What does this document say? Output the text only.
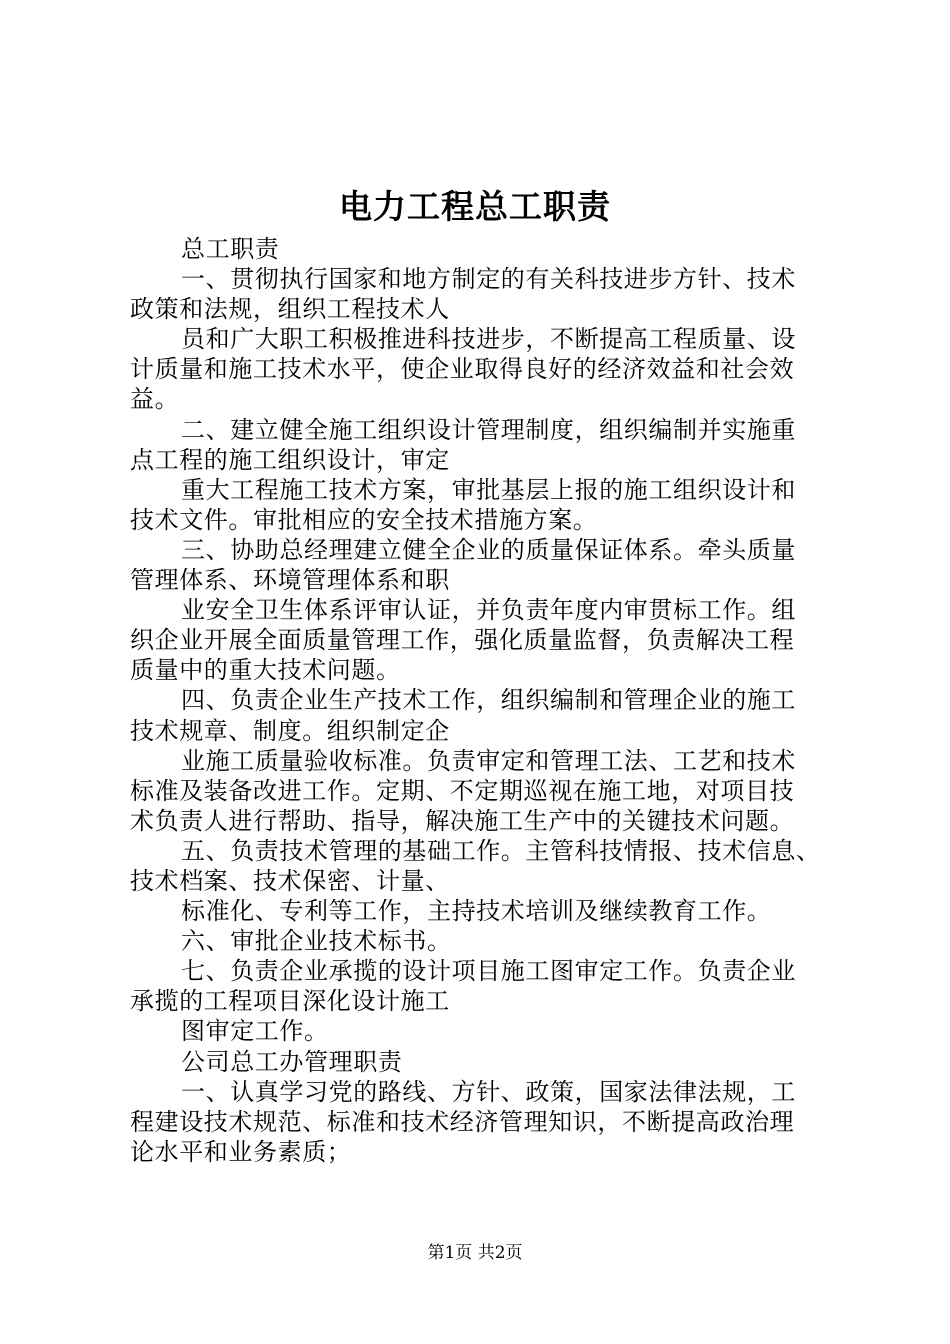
电力工程总工职责
总工职责
一、贯彻执行国家和地方制定的有关科技进步方针、技术
政策和法规，组织工程技术人
员和广大职工积极推进科技进步，不断提高工程质量、设
计质量和施工技术水平，使企业取得良好的经济效益和社会效
益。
二、建立健全施工组织设计管理制度，组织编制并实施重
点工程的施工组织设计，审定
重大工程施工技术方案，审批基层上报的施工组织设计和
技术文件。审批相应的安全技术措施方案。
三、协助总经理建立健全企业的质量保证体系。牵头质量
管理体系、环境管理体系和职
业安全卫生体系评审认证，并负责年度内审贯标工作。组
织企业开展全面质量管理工作，强化质量监督，负责解决工程
质量中的重大技术问题。
四、负责企业生产技术工作，组织编制和管理企业的施工
技术规章、制度。组织制定企
业施工质量验收标准。负责审定和管理工法、工艺和技术
标准及装备改进工作。定期、不定期巡视在施工地，对项目技
术负责人进行帮助、指导，解决施工生产中的关键技术问题。
五、负责技术管理的基础工作。主管科技情报、技术信息、
技术档案、技术保密、计量、
标准化、专利等工作，主持技术培训及继续教育工作。
六、审批企业技术标书。
七、负责企业承揽的设计项目施工图审定工作。负责企业
承揽的工程项目深化设计施工
图审定工作。
公司总工办管理职责
一、认真学习党的路线、方针、政策，国家法律法规，工
程建设技术规范、标准和技术经济管理知识，不断提高政治理
论水平和业务素质；
第1页 共2页
